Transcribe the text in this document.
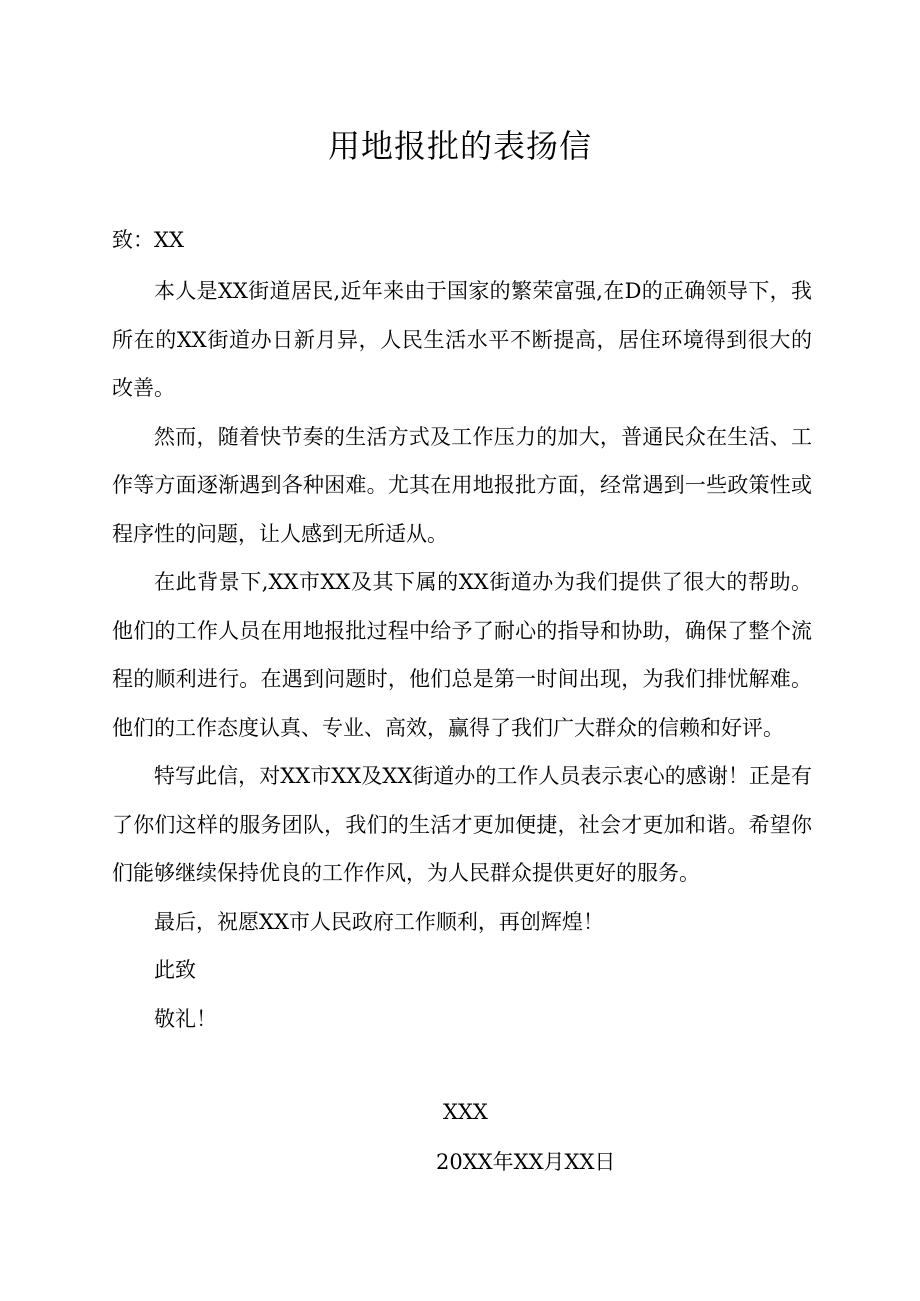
用地报批的表扬信
致：XX

本人是XX街道居民,近年来由于国家的繁荣富强,在D的正确领导下，我所在的XX街道办日新月异，人民生活水平不断提高，居住环境得到很大的改善。

然而，随着快节奏的生活方式及工作压力的加大，普通民众在生活、工作等方面逐渐遇到各种困难。尤其在用地报批方面，经常遇到一些政策性或程序性的问题，让人感到无所适从。

在此背景下,XX市XX及其下属的XX街道办为我们提供了很大的帮助。他们的工作人员在用地报批过程中给予了耐心的指导和协助，确保了整个流程的顺利进行。在遇到问题时，他们总是第一时间出现，为我们排忧解难。他们的工作态度认真、专业、高效，赢得了我们广大群众的信赖和好评。

特写此信，对XX市XX及XX街道办的工作人员表示衷心的感谢！正是有了你们这样的服务团队，我们的生活才更加便捷，社会才更加和谐。希望你们能够继续保持优良的工作作风，为人民群众提供更好的服务。

最后，祝愿XX市人民政府工作顺利，再创辉煌！

此致

敬礼！

XXX
20XX年XX月XX日
